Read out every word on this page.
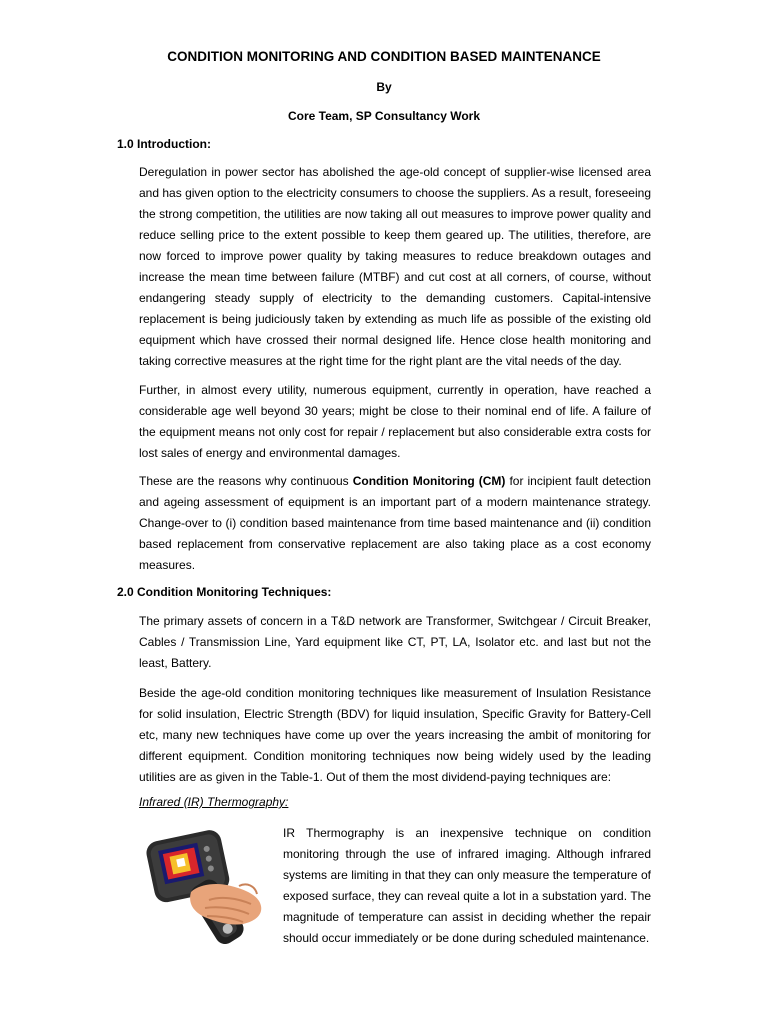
CONDITION MONITORING AND CONDITION BASED MAINTENANCE

By

Core Team, SP Consultancy Work

1.0 Introduction:

Deregulation in power sector has abolished the age-old concept of supplier-wise licensed area and has given option to the electricity consumers to choose the suppliers. As a result, foreseeing the strong competition, the utilities are now taking all out measures to improve power quality and reduce selling price to the extent possible to keep them geared up. The utilities, therefore, are now forced to improve power quality by taking measures to reduce breakdown outages and increase the mean time between failure (MTBF) and cut cost at all corners, of course, without endangering steady supply of electricity to the demanding customers. Capital-intensive replacement is being judiciously taken by extending as much life as possible of the existing old equipment which have crossed their normal designed life. Hence close health monitoring and taking corrective measures at the right time for the right plant are the vital needs of the day.

Further, in almost every utility, numerous equipment, currently in operation, have reached a considerable age well beyond 30 years; might be close to their nominal end of life. A failure of the equipment means not only cost for repair / replacement but also considerable extra costs for lost sales of energy and environmental damages.

These are the reasons why continuous Condition Monitoring (CM) for incipient fault detection and ageing assessment of equipment is an important part of a modern maintenance strategy. Change-over to (i) condition based maintenance from time based maintenance and (ii) condition based replacement from conservative replacement are also taking place as a cost economy measures.

2.0 Condition Monitoring Techniques:

The primary assets of concern in a T&D network are Transformer, Switchgear / Circuit Breaker, Cables / Transmission Line, Yard equipment like CT, PT, LA, Isolator etc. and last but not the least, Battery.

Beside the age-old condition monitoring techniques like measurement of Insulation Resistance for solid insulation, Electric Strength (BDV) for liquid insulation, Specific Gravity for Battery-Cell etc, many new techniques have come up over the years increasing the ambit of monitoring for different equipment. Condition monitoring techniques now being widely used by the leading utilities are as given in the Table-1. Out of them the most dividend-paying techniques are:

Infrared (IR) Thermography:

IR Thermography is an inexpensive technique on condition monitoring through the use of infrared imaging. Although infrared systems are limiting in that they can only measure the temperature of exposed surface, they can reveal quite a lot in a substation yard. The magnitude of temperature can assist in deciding whether the repair should occur immediately or be done during scheduled maintenance.
